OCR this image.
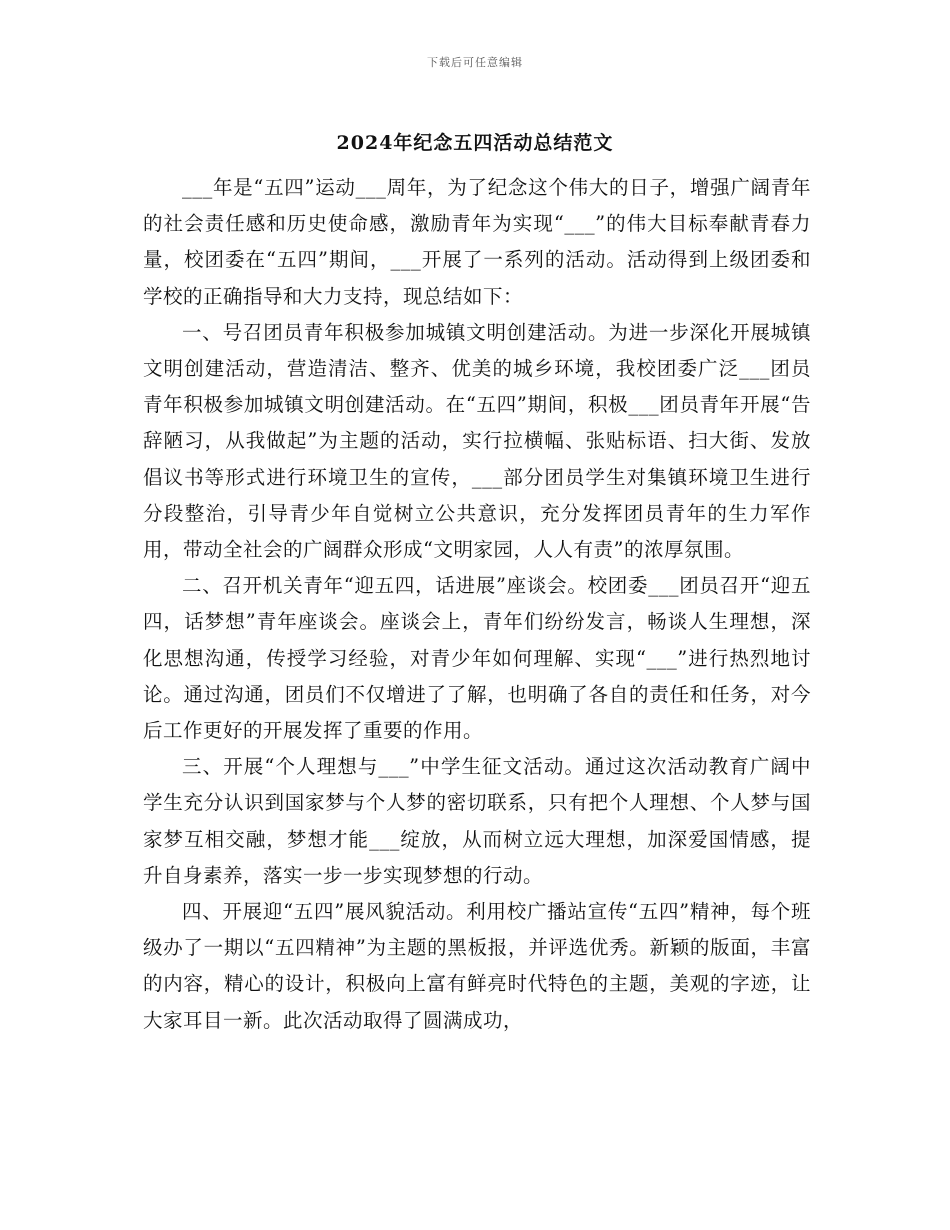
下载后可任意编辑
2024年纪念五四活动总结范文

___年是“五四”运动___周年，为了纪念这个伟大的日子，增强广阔青年的社会责任感和历史使命感，激励青年为实现“___”的伟大目标奉献青春力量，校团委在“五四”期间，___开展了一系列的活动。活动得到上级团委和学校的正确指导和大力支持，现总结如下：

一、号召团员青年积极参加城镇文明创建活动。为进一步深化开展城镇文明创建活动，营造清洁、整齐、优美的城乡环境，我校团委广泛___团员青年积极参加城镇文明创建活动。在“五四”期间，积极___团员青年开展“告辞陋习，从我做起”为主题的活动，实行拉横幅、张贴标语、扫大街、发放倡议书等形式进行环境卫生的宣传，___部分团员学生对集镇环境卫生进行分段整治，引导青少年自觉树立公共意识，充分发挥团员青年的生力军作用，带动全社会的广阔群众形成“文明家园，人人有责”的浓厚氛围。

二、召开机关青年“迎五四，话进展”座谈会。校团委___团员召开“迎五四，话梦想”青年座谈会。座谈会上，青年们纷纷发言，畅谈人生理想，深化思想沟通，传授学习经验，对青少年如何理解、实现“___”进行热烈地讨论。通过沟通，团员们不仅增进了了解，也明确了各自的责任和任务，对今后工作更好的开展发挥了重要的作用。

三、开展“个人理想与___”中学生征文活动。通过这次活动教育广阔中学生充分认识到国家梦与个人梦的密切联系，只有把个人理想、个人梦与国家梦互相交融，梦想才能___绽放，从而树立远大理想，加深爱国情感，提升自身素养，落实一步一步实现梦想的行动。

四、开展迎“五四”展风貌活动。利用校广播站宣传“五四”精神，每个班级办了一期以“五四精神”为主题的黑板报，并评选优秀。新颖的版面，丰富的内容，精心的设计，积极向上富有鲜亮时代特色的主题，美观的字迹，让大家耳目一新。此次活动取得了圆满成功，
